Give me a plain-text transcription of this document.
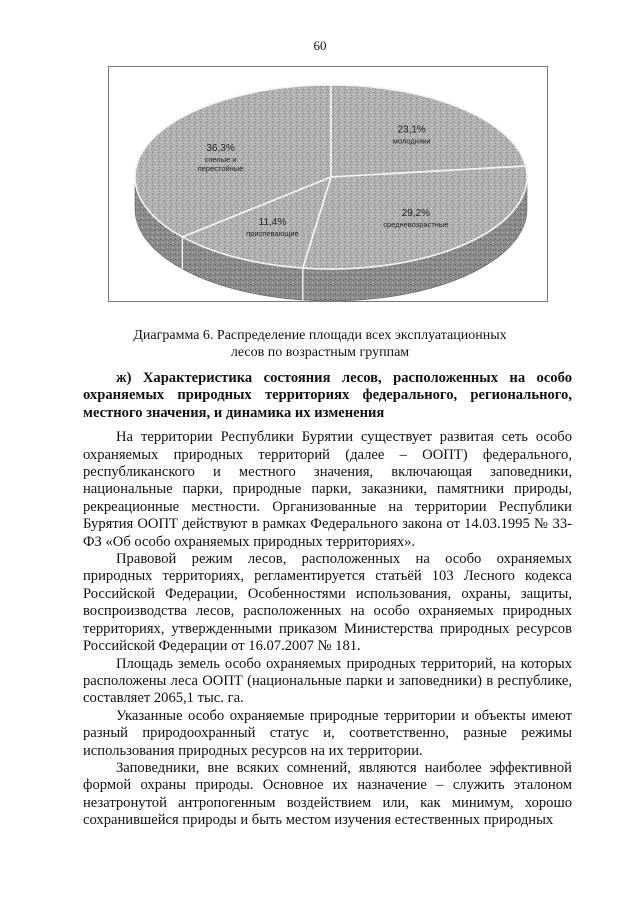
60
23,1%
молодняки
29,2%
средневозрастные
11,4%
приспевающие
36,3%
спелые и
перестойные
Диаграмма 6. Распределение площади всех эксплуатационных
лесов по возрастным группам

ж) Характеристика состояния лесов, расположенных на особо охраняемых природных территориях федерального, регионального, местного значения, и динамика их изменения

На территории Республики Бурятии существует развитая сеть особо охраняемых природных территорий (далее – ООПТ) федерального, республиканского и местного значения, включающая заповедники, национальные парки, природные парки, заказники, памятники природы, рекреационные местности. Организованные на территории Республики Бурятия ООПТ действуют в рамках Федерального закона от 14.03.1995 № 33-ФЗ «Об особо охраняемых природных территориях».

Правовой режим лесов, расположенных на особо охраняемых природных территориях, регламентируется статьёй 103 Лесного кодекса Российской Федерации, Особенностями использования, охраны, защиты, воспроизводства лесов, расположенных на особо охраняемых природных территориях, утвержденными приказом Министерства природных ресурсов Российской Федерации от 16.07.2007 № 181.

Площадь земель особо охраняемых природных территорий, на которых расположены леса ООПТ (национальные парки и заповедники) в республике, составляет 2065,1 тыс. га.

Указанные особо охраняемые природные территории и объекты имеют разный природоохранный статус и, соответственно, разные режимы использования природных ресурсов на их территории.

Заповедники, вне всяких сомнений, являются наиболее эффективной формой охраны природы. Основное их назначение – служить эталоном незатронутой антропогенным воздействием или, как минимум, хорошо сохранившейся природы и быть местом изучения естественных природных
